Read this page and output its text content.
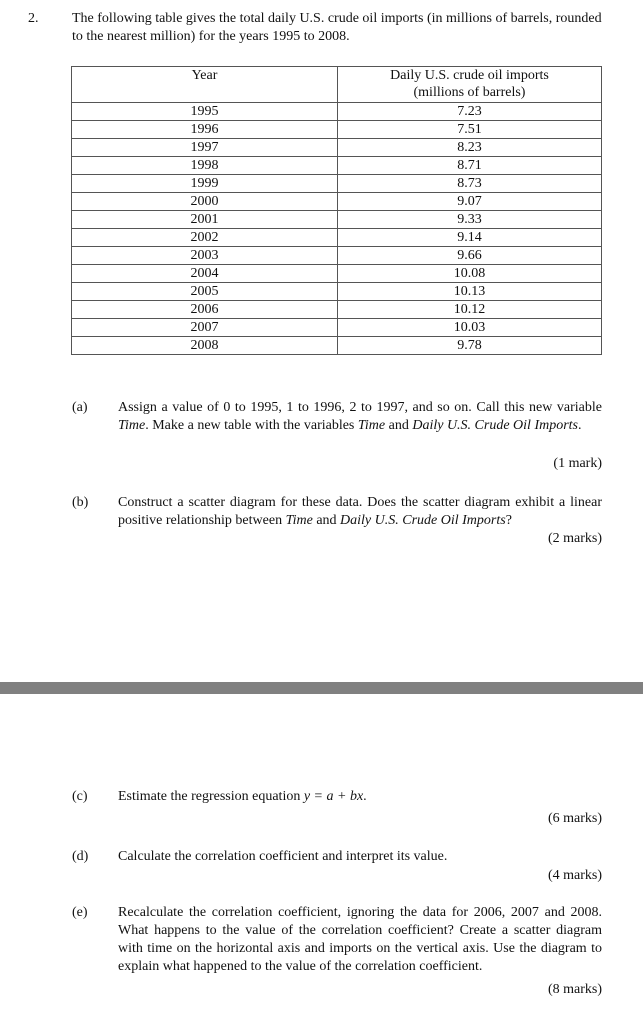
2. The following table gives the total daily U.S. crude oil imports (in millions of barrels, rounded to the nearest million) for the years 1995 to 2008.
Year	Daily U.S. crude oil imports
(millions of barrels)

1995	7.23
1996	7.51
1997	8.23
1998	8.71
1999	8.73
2000	9.07
2001	9.33
2002	9.14
2003	9.66
2004	10.08
2005	10.13
2006	10.12
2007	10.03
2008	9.78
(a) Assign a value of 0 to 1995, 1 to 1996, 2 to 1997, and so on. Call this new variable Time. Make a new table with the variables Time and Daily U.S. Crude Oil Imports.
(1 mark)
(b) Construct a scatter diagram for these data. Does the scatter diagram exhibit a linear positive relationship between Time and Daily U.S. Crude Oil Imports?
(2 marks)
(c) Estimate the regression equation y = a + bx.
(6 marks)
(d) Calculate the correlation coefficient and interpret its value.
(4 marks)
(e) Recalculate the correlation coefficient, ignoring the data for 2006, 2007 and 2008. What happens to the value of the correlation coefficient? Create a scatter diagram with time on the horizontal axis and imports on the vertical axis. Use the diagram to explain what happened to the value of the correlation coefficient.
(8 marks)
